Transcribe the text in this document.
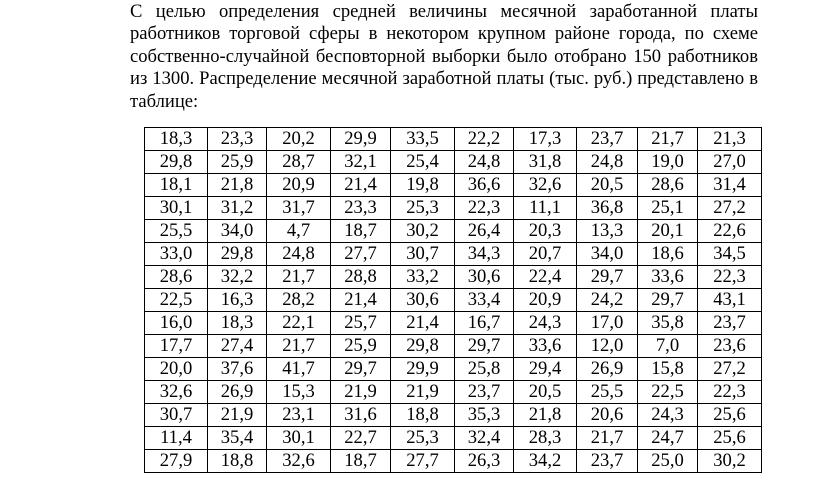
С целью определения средней величины месячной заработанной платы
работников торговой сферы в некотором крупном районе города, по схеме
собственно-случайной бесповторной выборки было отобрано 150 работников
из 1300. Распределение месячной заработной платы (тыс. руб.) представлено в
таблице:
18,3	23,3	20,2	29,9	33,5	22,2	17,3	23,7	21,7	21,3
29,8	25,9	28,7	32,1	25,4	24,8	31,8	24,8	19,0	27,0
18,1	21,8	20,9	21,4	19,8	36,6	32,6	20,5	28,6	31,4
30,1	31,2	31,7	23,3	25,3	22,3	11,1	36,8	25,1	27,2
25,5	34,0	4,7	18,7	30,2	26,4	20,3	13,3	20,1	22,6
33,0	29,8	24,8	27,7	30,7	34,3	20,7	34,0	18,6	34,5
28,6	32,2	21,7	28,8	33,2	30,6	22,4	29,7	33,6	22,3
22,5	16,3	28,2	21,4	30,6	33,4	20,9	24,2	29,7	43,1
16,0	18,3	22,1	25,7	21,4	16,7	24,3	17,0	35,8	23,7
17,7	27,4	21,7	25,9	29,8	29,7	33,6	12,0	7,0	23,6
20,0	37,6	41,7	29,7	29,9	25,8	29,4	26,9	15,8	27,2
32,6	26,9	15,3	21,9	21,9	23,7	20,5	25,5	22,5	22,3
30,7	21,9	23,1	31,6	18,8	35,3	21,8	20,6	24,3	25,6
11,4	35,4	30,1	22,7	25,3	32,4	28,3	21,7	24,7	25,6
27,9	18,8	32,6	18,7	27,7	26,3	34,2	23,7	25,0	30,2
